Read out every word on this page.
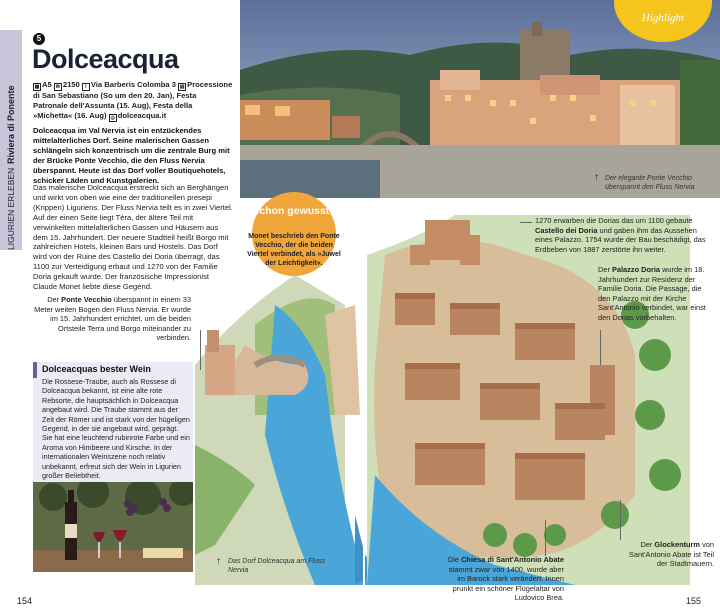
LIGURIEN ERLEBEN
Riviera di Ponente
5
Dolceacqua
▦ A5 ✉ 2150 i Via Barberis Colomba 3 ▤ Processione di San Sebastiano (So um den 20. Jan), Festa Patronale dell'Assunta (15. Aug), Festa della »Michetta« (16. Aug) ◎ dolceacqua.it
Dolceacqua im Val Nervia ist ein entzückendes mittelalterliches Dorf. Seine malerischen Gassen schlängeln sich konzentrisch um die zentrale Burg mit der Brücke Ponte Vecchio, die den Fluss Nervia überspannt. Heute ist das Dorf voller Boutiquehotels, schicker Läden und Kunstgalerien.
Das malerische Dolceacqua erstreckt sich an Berghängen und wirkt von oben wie eine der traditionellen presepi (Krippen) Liguriens. Der Fluss Nervia teilt es in zwei Viertel. Auf der einen Seite liegt Tèra, der ältere Teil mit verwinkelten mittelalterlichen Gassen und Häusern aus dem 15. Jahrhundert. Der neuere Stadtteil heißt Borgo mit zahlreichen Hotels, kleinen Bars und Hostels. Das Dorf wird von der Ruine des Castello dei Doria überragt, das 1100 zur Verteidigung erbaut und 1270 von der Familie Doria gekauft wurde. Der französische Impressionist Claude Monet liebte diese Gegend.
Highlight
↑ Der elegante Ponte Vecchio überspannt den Fluss Nervia
Schon gewusst?
Monet beschrieb den Ponte Vecchio, der die beiden Viertel verbindet, als »Juwel der Leichtigkeit«.
1270 erwarben die Dorias das um 1100 gebaute Castello dei Doria und gaben ihm das Aussehen eines Palazzo. 1754 wurde der Bau beschädigt, das Erdbeben von 1887 zerstörte ihn weiter.
Der Palazzo Doria wurde im 18. Jahrhundert zur Residenz der Familie Doria. Die Passage, die den Palazzo mit der Kirche Sant'Antonio verbindet, war einst den Dorias vorbehalten.
Der Ponte Vecchio überspannt in einem 33 Meter weiten Bogen den Fluss Nervia. Er wurde im 15. Jahrhundert errichtet, um die beiden Ortsteile Terra und Borgo miteinander zu verbinden.
Dolceacquas bester Wein
Die Rossese-Traube, auch als Rossese di Dolceacqua bekannt, ist eine alte rote Rebsorte, die hauptsächlich in Dolceacqua angebaut wird. Die Traube stammt aus der Zeit der Römer und ist stark von der hügeligen Gegend, in der sie angebaut wird, geprägt. Sie hat eine leuchtend rubinrote Farbe und ein Aroma von Himbeere und Kirsche. In der internationalen Weinszene noch relativ unbekannt, erfreut sich der Wein in Ligurien großer Beliebtheit.
↑ Das Dorf Dolceacqua am Fluss Nervia
Die Chiesa di Sant'Antonio Abate stammt zwar von 1400, wurde aber im Barock stark verändert. Innen prunkt ein schöner Flügelaltar von Ludovico Brea.
Der Glockenturm von Sant'Antonio Abate ist Teil der Stadtmauern.
154	155
